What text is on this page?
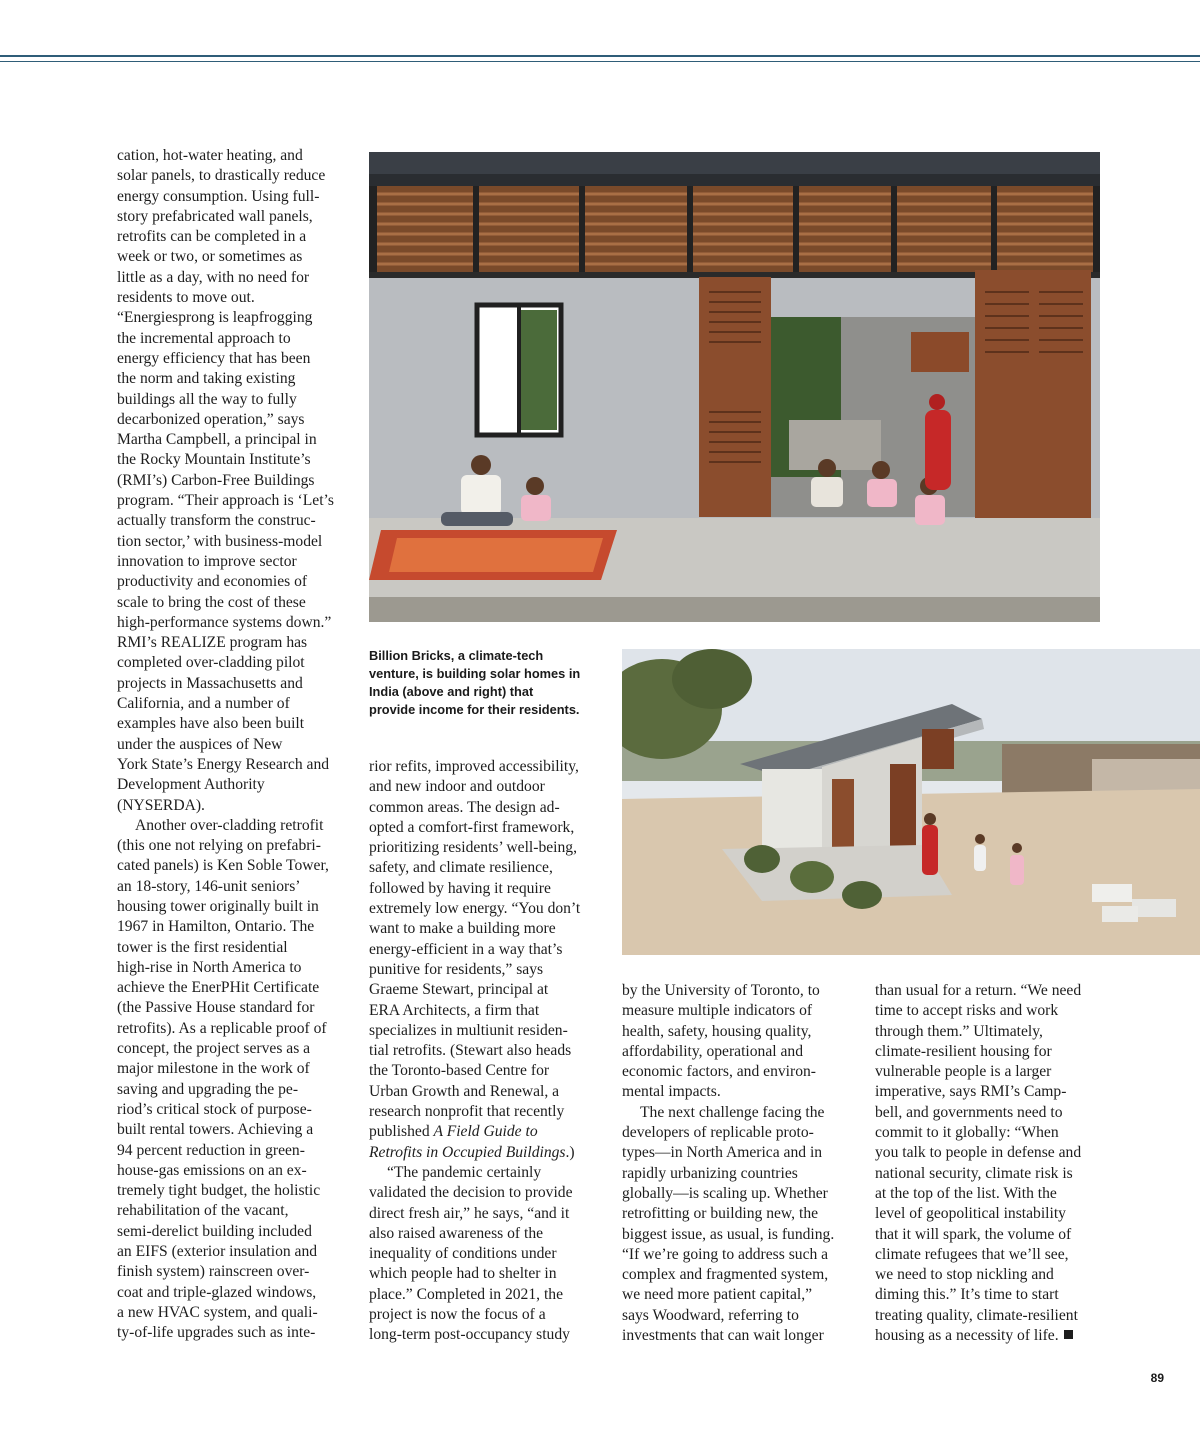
cation, hot-water heating, and
solar panels, to drastically reduce
energy consumption. Using full-
story prefabricated wall panels,
retrofits can be completed in a
week or two, or sometimes as
little as a day, with no need for
residents to move out.
“Energiesprong is leapfrogging
the incremental approach to
energy efficiency that has been
the norm and taking existing
buildings all the way to fully
decarbonized operation,” says
Martha Campbell, a principal in
the Rocky Mountain Institute’s
(RMI’s) Carbon-Free Buildings
program. “Their approach is ‘Let’s
actually transform the construc-
tion sector,’ with business-model
innovation to improve sector
productivity and economies of
scale to bring the cost of these
high-performance systems down.”
RMI’s REALIZE program has
completed over-cladding pilot
projects in Massachusetts and
California, and a number of
examples have also been built
under the auspices of New
York State’s Energy Research and
Development Authority
(NYSERDA).
Another over-cladding retrofit
(this one not relying on prefabri-
cated panels) is Ken Soble Tower,
an 18-story, 146-unit seniors’
housing tower originally built in
1967 in Hamilton, Ontario. The
tower is the first residential
high-rise in North America to
achieve the EnerPHit Certificate
(the Passive House standard for
retrofits). As a replicable proof of
concept, the project serves as a
major milestone in the work of
saving and upgrading the pe-
riod’s critical stock of purpose-
built rental towers. Achieving a
94 percent reduction in green-
house-gas emissions on an ex-
tremely tight budget, the holistic
rehabilitation of the vacant,
semi-derelict building included
an EIFS (exterior insulation and
finish system) rainscreen over-
coat and triple-glazed windows,
a new HVAC system, and quali-
ty-of-life upgrades such as inte-
Billion Bricks, a climate-tech
venture, is building solar homes in
India (above and right) that
provide income for their residents.
rior refits, improved accessibility,
and new indoor and outdoor
common areas. The design ad-
opted a comfort-first framework,
prioritizing residents’ well-being,
safety, and climate resilience,
followed by having it require
extremely low energy. “You don’t
want to make a building more
energy-efficient in a way that’s
punitive for residents,” says
Graeme Stewart, principal at
ERA Architects, a firm that
specializes in multiunit residen-
tial retrofits. (Stewart also heads
the Toronto-based Centre for
Urban Growth and Renewal, a
research nonprofit that recently
published A Field Guide to
Retrofits in Occupied Buildings.)
“The pandemic certainly
validated the decision to provide
direct fresh air,” he says, “and it
also raised awareness of the
inequality of conditions under
which people had to shelter in
place.” Completed in 2021, the
project is now the focus of a
long-term post-occupancy study
by the University of Toronto, to
measure multiple indicators of
health, safety, housing quality,
affordability, operational and
economic factors, and environ-
mental impacts.
The next challenge facing the
developers of replicable proto-
types—in North America and in
rapidly urbanizing countries
globally—is scaling up. Whether
retrofitting or building new, the
biggest issue, as usual, is funding.
“If we’re going to address such a
complex and fragmented system,
we need more patient capital,”
says Woodward, referring to
investments that can wait longer
than usual for a return. “We need
time to accept risks and work
through them.” Ultimately,
climate-resilient housing for
vulnerable people is a larger
imperative, says RMI’s Camp-
bell, and governments need to
commit to it globally: “When
you talk to people in defense and
national security, climate risk is
at the top of the list. With the
level of geopolitical instability
that it will spark, the volume of
climate refugees that we’ll see,
we need to stop nickling and
diming this.” It’s time to start
treating quality, climate-resilient
housing as a necessity of life.
89
